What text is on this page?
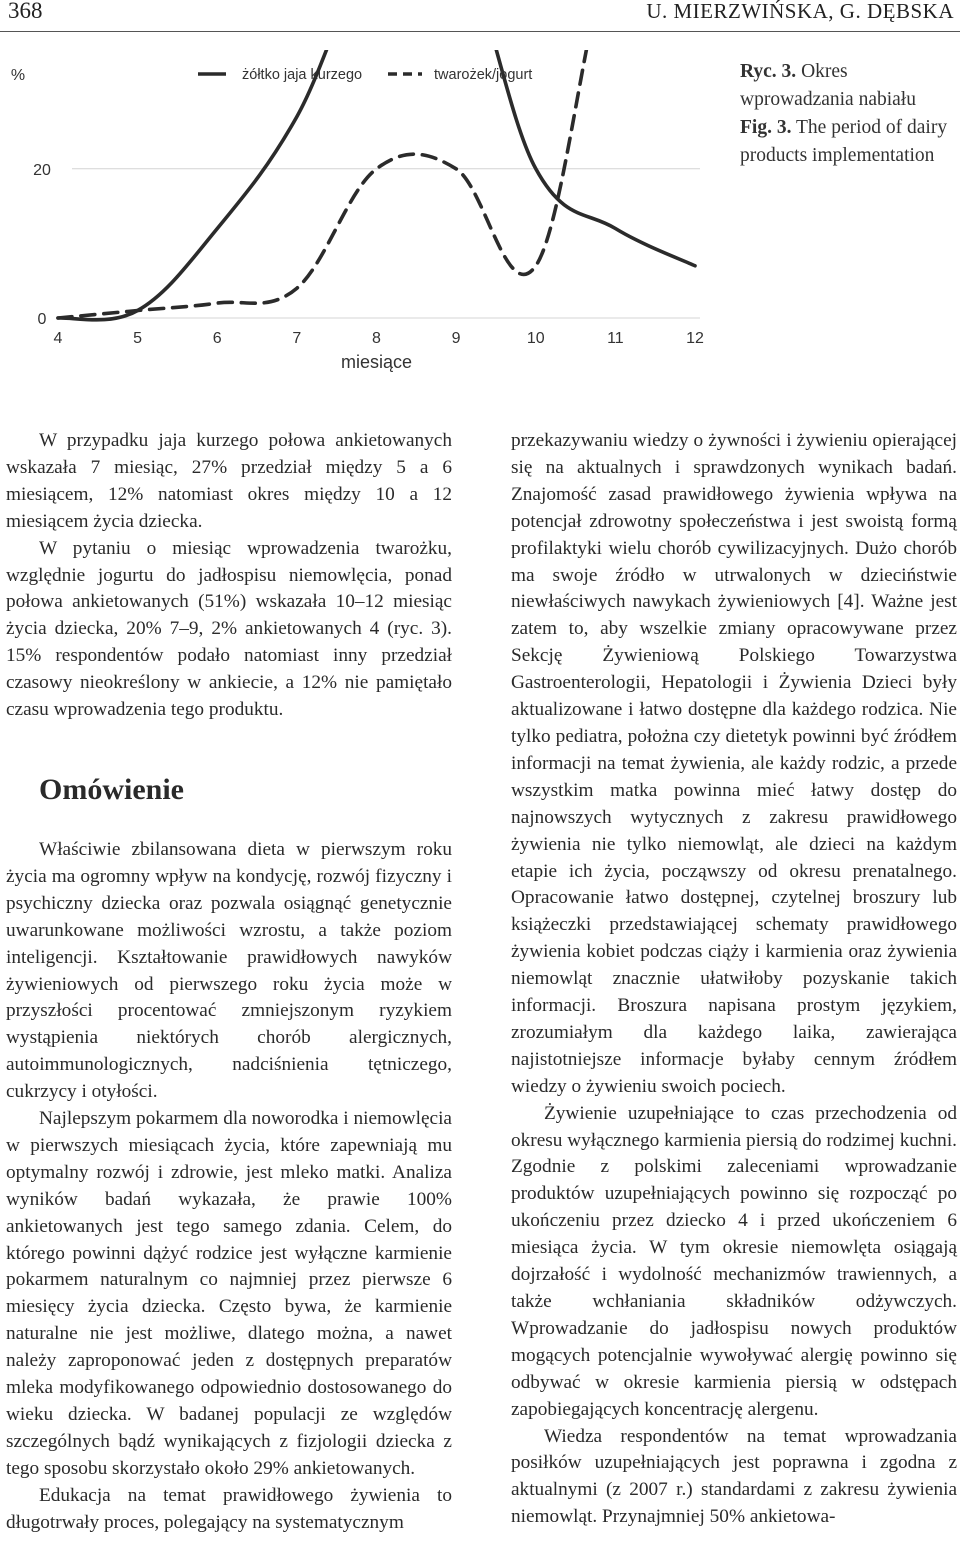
368	U. MIERZWIŃSKA, G. DĘBSKA
0
20
%
4	5	6	7	8	9	10	11	12
miesiące
żółtko jaja kurzego	twarożek/jogurt	Ryc. 3. Okres wprowadzania nabiału
Fig. 3. The period of dairy products implementation

W przypadku jaja kurzego połowa ankietowanych wskazała 7 miesiąc, 27% przedział między 5 a 6 miesiącem, 12% natomiast okres między 10 a 12 miesiącem życia dziecka.

W pytaniu o miesiąc wprowadzenia twarożku, względnie jogurtu do jadłospisu niemowlęcia, ponad połowa ankietowanych (51%) wskazała 10–12 miesiąc życia dziecka, 20% 7–9, 2% ankietowanych 4 (ryc. 3). 15% respondentów podało natomiast inny przedział czasowy nieokreślony w ankiecie, a 12% nie pamiętało czasu wprowadzenia tego produktu.

Omówienie

Właściwie zbilansowana dieta w pierwszym roku życia ma ogromny wpływ na kondycję, rozwój fizyczny i psychiczny dziecka oraz pozwala osiągnąć genetycznie uwarunkowane możliwości wzrostu, a także poziom inteligencji. Kształtowanie prawidłowych nawyków żywieniowych od pierwszego roku życia może w przyszłości procentować zmniejszonym ryzykiem wystąpienia niektórych chorób alergicznych, autoimmunologicznych, nadciśnienia tętniczego, cukrzycy i otyłości.

Najlepszym pokarmem dla noworodka i niemowlęcia w pierwszych miesiącach życia, które zapewniają mu optymalny rozwój i zdrowie, jest mleko matki. Analiza wyników badań wykazała, że prawie 100% ankietowanych jest tego samego zdania. Celem, do którego powinni dążyć rodzice jest wyłączne karmienie pokarmem naturalnym co najmniej przez pierwsze 6 miesięcy życia dziecka. Często bywa, że karmienie naturalne nie jest możliwe, dlatego można, a nawet należy zaproponować jeden z dostępnych preparatów mleka modyfikowanego odpowiednio dostosowanego do wieku dziecka. W badanej populacji ze względów szczególnych bądź wynikających z fizjologii dziecka z tego sposobu skorzystało około 29% ankietowanych.

Edukacja na temat prawidłowego żywienia to długotrwały proces, polegający na systematycznym

przekazywaniu wiedzy o żywności i żywieniu opierającej się na aktualnych i sprawdzonych wynikach badań. Znajomość zasad prawidłowego żywienia wpływa na potencjał zdrowotny społeczeństwa i jest swoistą formą profilaktyki wielu chorób cywilizacyjnych. Dużo chorób ma swoje źródło w utrwalonych w dzieciństwie niewłaściwych nawykach żywieniowych [4]. Ważne jest zatem to, aby wszelkie zmiany opracowywane przez Sekcję Żywieniową Polskiego Towarzystwa Gastroenterologii, Hepatologii i Żywienia Dzieci były aktualizowane i łatwo dostępne dla każdego rodzica. Nie tylko pediatra, położna czy dietetyk powinni być źródłem informacji na temat żywienia, ale każdy rodzic, a przede wszystkim matka powinna mieć łatwy dostęp do najnowszych wytycznych z zakresu prawidłowego żywienia nie tylko niemowląt, ale dzieci na każdym etapie ich życia, począwszy od okresu prenatalnego. Opracowanie łatwo dostępnej, czytelnej broszury lub książeczki przedstawiającej schematy prawidłowego żywienia kobiet podczas ciąży i karmienia oraz żywienia niemowląt znacznie ułatwiłoby pozyskanie takich informacji. Broszura napisana prostym językiem, zrozumiałym dla każdego laika, zawierająca najistotniejsze informacje byłaby cennym źródłem wiedzy o żywieniu swoich pociech.

Żywienie uzupełniające to czas przechodzenia od okresu wyłącznego karmienia piersią do rodzimej kuchni. Zgodnie z polskimi zaleceniami wprowadzanie produktów uzupełniających powinno się rozpocząć po ukończeniu przez dziecko 4 i przed ukończeniem 6 miesiąca życia. W tym okresie niemowlęta osiągają dojrzałość i wydolność mechanizmów trawiennych, a także wchłaniania składników odżywczych. Wprowadzanie do jadłospisu nowych produktów mogących potencjalnie wywoływać alergię powinno się odbywać w okresie karmienia piersią w odstępach zapobiegających koncentrację alergenu.

Wiedza respondentów na temat wprowadzania posiłków uzupełniających jest poprawna i zgodna z aktualnymi (z 2007 r.) standardami z zakresu żywienia niemowląt. Przynajmniej 50% ankietowa-
